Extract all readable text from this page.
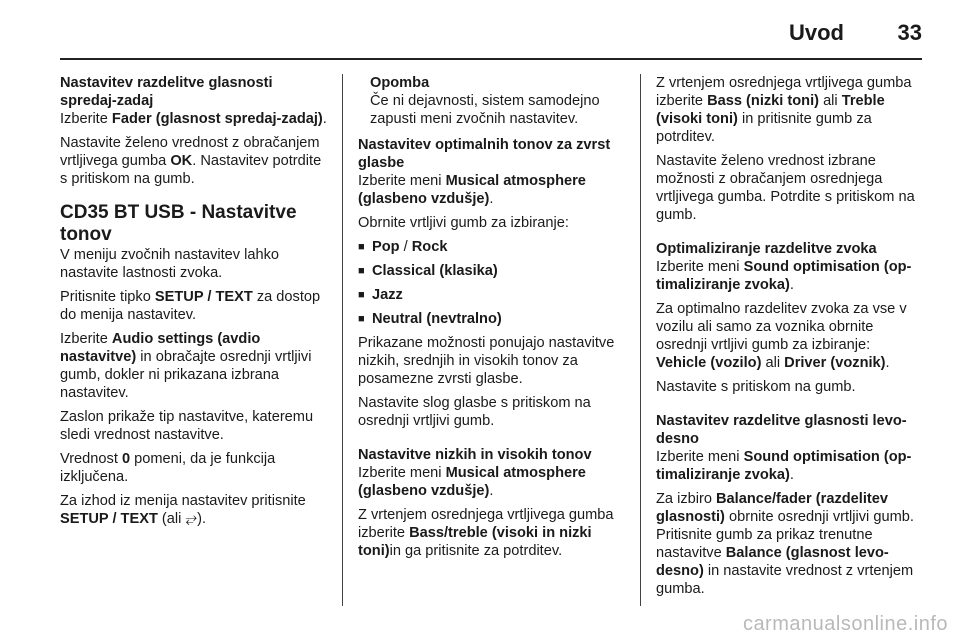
Uvod 33
Nastavitev razdelitve glasnosti spredaj-zadaj

Izberite Fader (glasnost spredaj-zadaj).

Nastavite želeno vrednost z obračanjem vrtljivega gumba OK. Nastavitev potrdite s pritiskom na gumb.

CD35 BT USB - Nastavitve tonov

V meniju zvočnih nastavitev lahko nastavite lastnosti zvoka.

Pritisnite tipko SETUP / TEXT za dostop do menija nastavitev.

Izberite Audio settings (avdio nastavitve) in obračajte osrednji vrtljivi gumb, dokler ni prikazana izbrana nastavitev.

Zaslon prikaže tip nastavitve, kateremu sledi vrednost nastavitve.

Vrednost 0 pomeni, da je funkcija izključena.

Za izhod iz menija nastavitev pritisnite SETUP / TEXT (ali ⥂).

Opomba
Če ni dejavnosti, sistem samodejno zapusti meni zvočnih nastavitev.
Nastavitev optimalnih tonov za zvrst glasbe

Izberite meni Musical atmosphere (glasbeno vzdušje).

Obrnite vrtljivi gumb za izbiranje:

■ Pop / Rock
■ Classical (klasika)
■ Jazz
■ Neutral (nevtralno)

Prikazane možnosti ponujajo nastavitve nizkih, srednjih in visokih tonov za posamezne zvrsti glasbe.

Nastavite slog glasbe s pritiskom na osrednji vrtljivi gumb.

Nastavitve nizkih in visokih tonov

Izberite meni Musical atmosphere (glasbeno vzdušje).

Z vrtenjem osrednjega vrtljivega gumba izberite Bass/treble (visoki in nizki toni)in ga pritisnite za potrditev.

Z vrtenjem osrednjega vrtljivega gumba izberite Bass (nizki toni) ali Treble (visoki toni) in pritisnite gumb za potrditev.

Nastavite želeno vrednost izbrane možnosti z obračanjem osrednjega vrtljivega gumba. Potrdite s pritiskom na gumb.

Optimaliziranje razdelitve zvoka

Izberite meni Sound optimisation (op-timaliziranje zvoka).

Za optimalno razdelitev zvoka za vse v vozilu ali samo za voznika obrnite osrednji vrtljivi gumb za izbiranje: Vehicle (vozilo) ali Driver (voznik).

Nastavite s pritiskom na gumb.

Nastavitev razdelitve glasnosti levo-desno

Izberite meni Sound optimisation (op-timaliziranje zvoka).

Za izbiro Balance/fader (razdelitev glasnosti) obrnite osrednji vrtljivi gumb. Pritisnite gumb za prikaz trenutne nastavitve Balance (glasnost levo-desno) in nastavite vrednost z vrtenjem gumba.

carmanualsonline.info
